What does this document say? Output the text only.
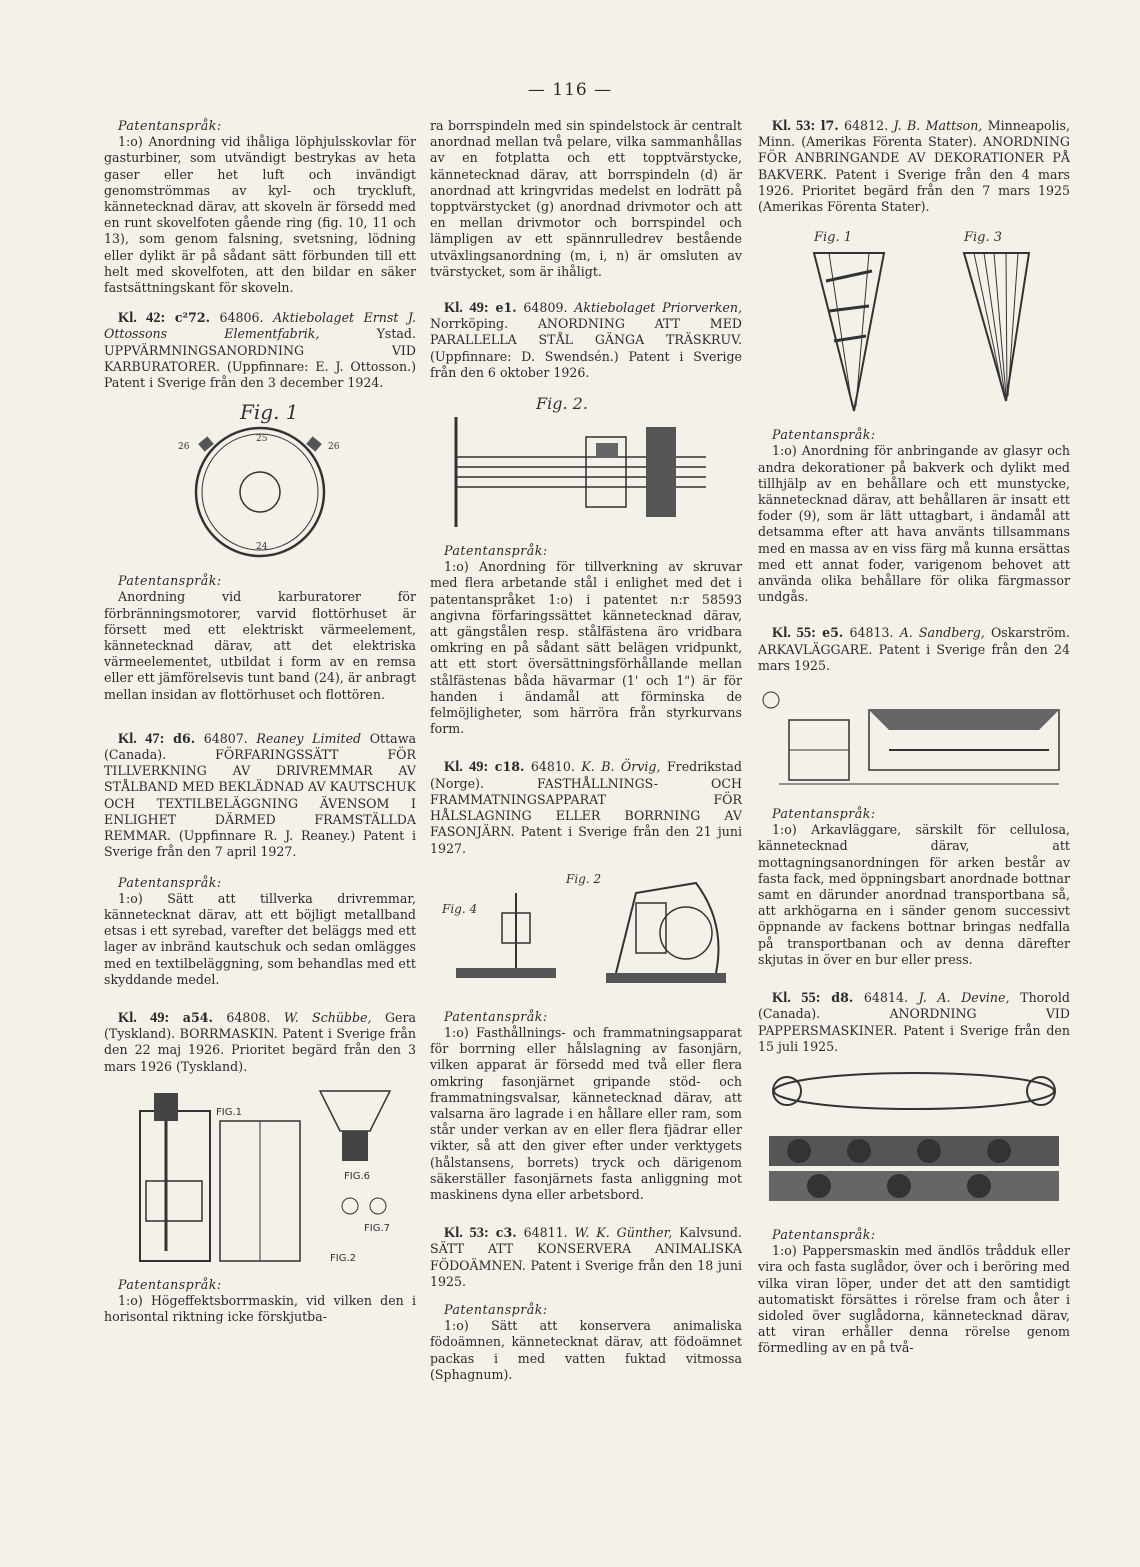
— 116 —

Patentanspråk:

1:o) Anordning vid ihåliga löphjulsskovlar för gasturbiner, som utvändigt bestrykas av heta gaser eller het luft och invändigt genomströmmas av kyl- och tryckluft, kännetecknad därav, att skoveln är försedd med en runt skovelfoten gående ring (fig. 10, 11 och 13), som genom falsning, svetsning, lödning eller dylikt är på sådant sätt förbunden till ett helt med skovelfoten, att den bildar en säker fastsättningskant för skoveln.

Kl. 42: c²72. 64806. Aktiebolaget Ernst J. Ottossons Elementfabrik,	Ystad. UPPVÄRMNINGSANORDNING VID KARBURATORER. (Uppfinnare: E. J. Ottosson.) Patent i Sverige från den 3 december 1924.

Fig. 1
25
26	26
24

Patentanspråk:

Anordning vid karburatorer för förbränningsmotorer, varvid flottörhuset är försett med ett elektriskt värmeelement, kännetecknad därav, att det elektriska värmeelementet, utbildat i form av en remsa eller ett jämförelsevis tunt band (24), är anbragt mellan insidan av flottörhuset och flottören.

Kl. 47: d6. 64807. Reaney Limited Ottawa (Canada). FÖRFARINGSSÄTT FÖR TILLVERKNING AV DRIVREMMAR AV STÅLBAND MED BEKLÄDNAD AV KAUTSCHUK OCH TEXTILBELÄGGNING ÄVENSOM I ENLIGHET DÄRMED FRAMSTÄLLDA REMMAR. (Uppfinnare R. J. Reaney.) Patent i Sverige från den 7 april 1927.

Patentanspråk:

1:o) Sätt att tillverka drivremmar, kännetecknat därav, att ett böjligt metallband etsas i ett syrebad, varefter det beläggs med ett lager av inbränd kautschuk och sedan omlägges med en textilbeläggning, som behandlas med ett skyddande medel.

Kl. 49: a54. 64808. W. Schübbe, Gera (Tyskland). BORRMASKIN. Patent i Sverige från den 22 maj 1926. Prioritet begärd från den 3 mars 1926 (Tyskland).

FIG.1
FIG.6
FIG.7
FIG.2

Patentanspråk:

1:o) Högeffektsborrmaskin, vid vilken den i horisontal riktning icke förskjutba-

ra borrspindeln med sin spindelstock är centralt anordnad mellan två pelare, vilka sammanhållas av en fotplatta och ett topptvärstycke, kännetecknad därav, att borrspindeln (d) är anordnad att kringvridas medelst en lodrätt på topptvärstycket (g) anordnad drivmotor och att en mellan drivmotor och borrspindel och lämpligen av ett spännrulledrev bestående utväxlingsanordning (m, i, n) är omsluten av tvärstycket, som är ihåligt.

Kl. 49: e1. 64809. Aktiebolaget Priorverken, Norrköping. ANORDNING ATT MED PARALLELLA STÅL GÄNGA TRÄSKRUV. (Uppfinnare: D. Swendsén.) Patent i Sverige från den 6 oktober 1926.

Fig. 2.

Patentanspråk:

1:o) Anordning för tillverkning av skruvar med flera arbetande stål i enlighet med det i patentanspråket 1:o) i patentet n:r 58593 angivna förfaringssättet kännetecknad därav, att gängstålen resp. stålfästena äro vridbara omkring en på sådant sätt belägen vridpunkt, att ett stort översättningsförhållande mellan stålfästenas båda hävarmar (1' och 1") är för handen i ändamål att förminska de felmöjligheter, som härröra från styrkurvans form.

Kl. 49: c18. 64810. K. B. Örvig, Fredrikstad (Norge). FASTHÅLLNINGS- OCH FRAMMATNINGSAPPARAT FÖR HÅLSLAGNING ELLER BORRNING AV FASONJÄRN. Patent i Sverige från den 21 juni 1927.

Fig. 4
Fig. 2

Patentanspråk:

1:o) Fasthållnings- och frammatningsapparat för borrning eller hålslagning av fasonjärn, vilken apparat är försedd med två eller flera omkring fasonjärnet gripande stöd- och frammatningsvalsar, kännetecknad därav, att valsarna äro lagrade i en hållare eller ram, som står under verkan av en eller flera fjädrar eller vikter, så att den giver efter under verktygets (hålstansens, borrets) tryck och därigenom säkerställer fasonjärnets fasta anliggning mot maskinens dyna eller arbetsbord.

Kl. 53: c3. 64811. W. K. Günther, Kalvsund. SÄTT ATT KONSERVERA ANIMALISKA FÖDOÄMNEN. Patent i Sverige från den 18 juni 1925.

Patentanspråk:

1:o) Sätt att konservera animaliska födoämnen, kännetecknat därav, att födoämnet packas i med vatten fuktad vitmossa (Sphagnum).

Kl. 53: l7. 64812. J. B. Mattson, Minneapolis, Minn. (Amerikas Förenta Stater). ANORDNING FÖR ANBRINGANDE AV DEKORATIONER PÅ BAKVERK. Patent i Sverige från den 4 mars 1926. Prioritet begärd från den 7 mars 1925 (Amerikas Förenta Stater).

Fig. 1	Fig. 3

Patentanspråk:

1:o) Anordning för anbringande av glasyr och andra dekorationer på bakverk och dylikt med tillhjälp av en behållare och ett munstycke, kännetecknad därav, att behållaren är insatt ett foder (9), som är lätt uttagbart, i ändamål att detsamma efter att hava använts tillsammans med en massa av en viss färg må kunna ersättas med ett annat foder, varigenom behovet att använda olika behållare för olika färgmassor undgås.

Kl. 55: e5. 64813. A. Sandberg, Oskarström. ARKAVLÄGGARE. Patent i Sverige från den 24 mars 1925.

Patentanspråk:

1:o) Arkavläggare, särskilt för cellulosa, kännetecknad därav, att mottagningsanordningen för arken består av fasta fack, med öppningsbart anordnade bottnar samt en därunder anordnad transportbana så, att arkhögarna en i sänder genom successivt öppnande av fackens bottnar bringas nedfalla på transportbanan och av denna därefter skjutas in över en bur eller press.

Kl. 55: d8. 64814. J. A. Devine, Thorold (Canada). ANORDNING VID PAPPERSMASKINER. Patent i Sverige från den 15 juli 1925.

Patentanspråk:

1:o) Pappersmaskin med ändlös trådduk eller vira och fasta suglådor, över och i beröring med vilka viran löper, under det att den samtidigt automatiskt försättes i rörelse fram och åter i sidoled över suglådorna, kännetecknad därav, att viran erhåller denna rörelse genom förmedling av en på två-
